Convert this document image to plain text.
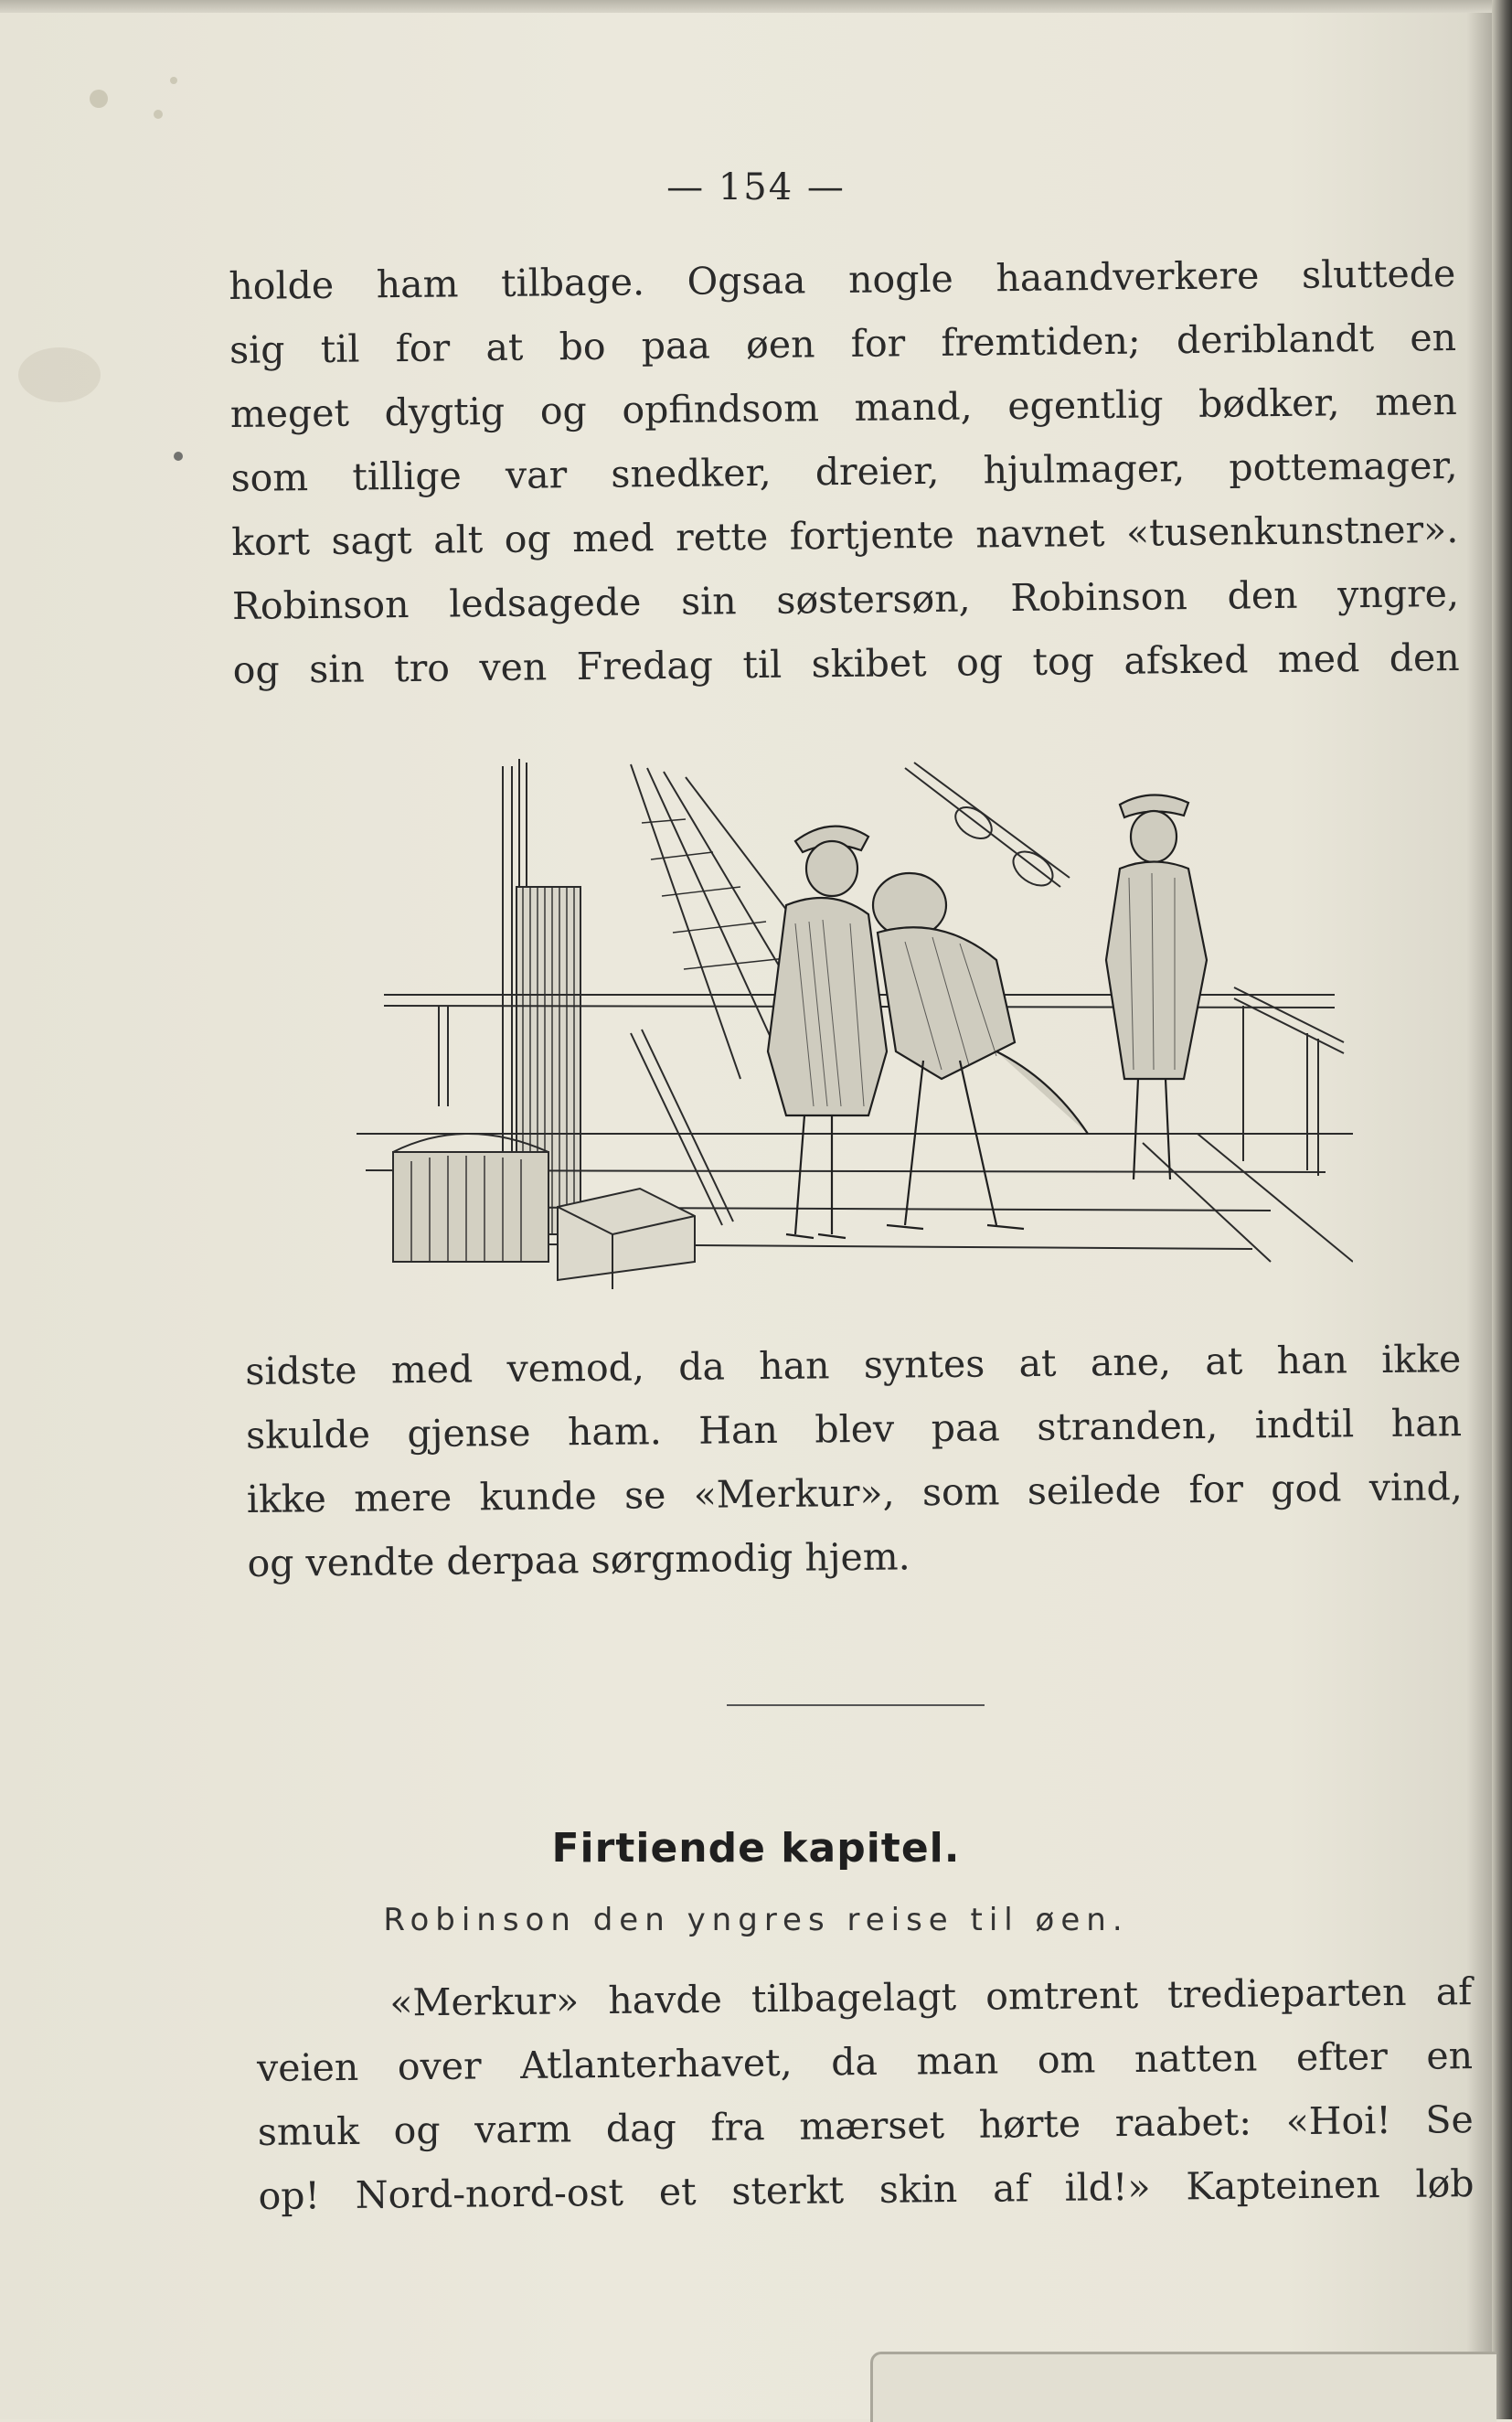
— 154 —

holde ham tilbage. Ogsaa nogle haandverkere sluttede

sig til for at bo paa øen for fremtiden; deriblandt en

meget dygtig og opfindsom mand, egentlig bødker, men

som tillige var snedker, dreier, hjulmager, pottemager,

kort sagt alt og med rette fortjente navnet «tusenkunstner».

Robinson ledsagede sin søstersøn, Robinson den yngre,

og sin tro ven Fredag til skibet og tog afsked med den

sidste med vemod, da han syntes at ane, at han ikke

skulde gjense ham. Han blev paa stranden, indtil han

ikke mere kunde se «Merkur», som seilede for god vind,

og vendte derpaa sørgmodig hjem.

Firtiende kapitel.
Robinson den yngres reise til øen.

«Merkur» havde tilbagelagt omtrent tredieparten af

veien over Atlanterhavet, da man om natten efter en

smuk og varm dag fra mærset hørte raabet: «Hoi! Se

op! Nord-nord-ost et sterkt skin af ild!» Kapteinen løb
